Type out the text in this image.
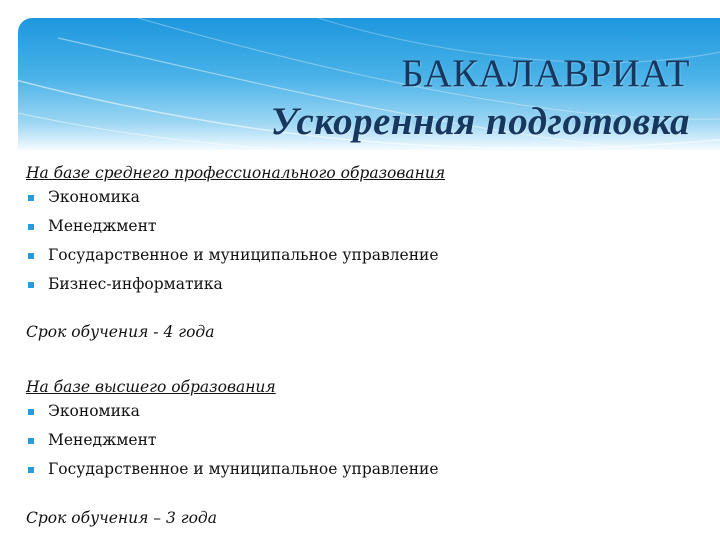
БАКАЛАВРИАТ
Ускоренная подготовка
На базе среднего профессионального образования
Экономика
Менеджмент
Государственное и муниципальное управление
Бизнес-информатика
Срок обучения - 4 года
На базе высшего образования
Экономика
Менеджмент
Государственное и муниципальное управление
Срок обучения – 3 года
